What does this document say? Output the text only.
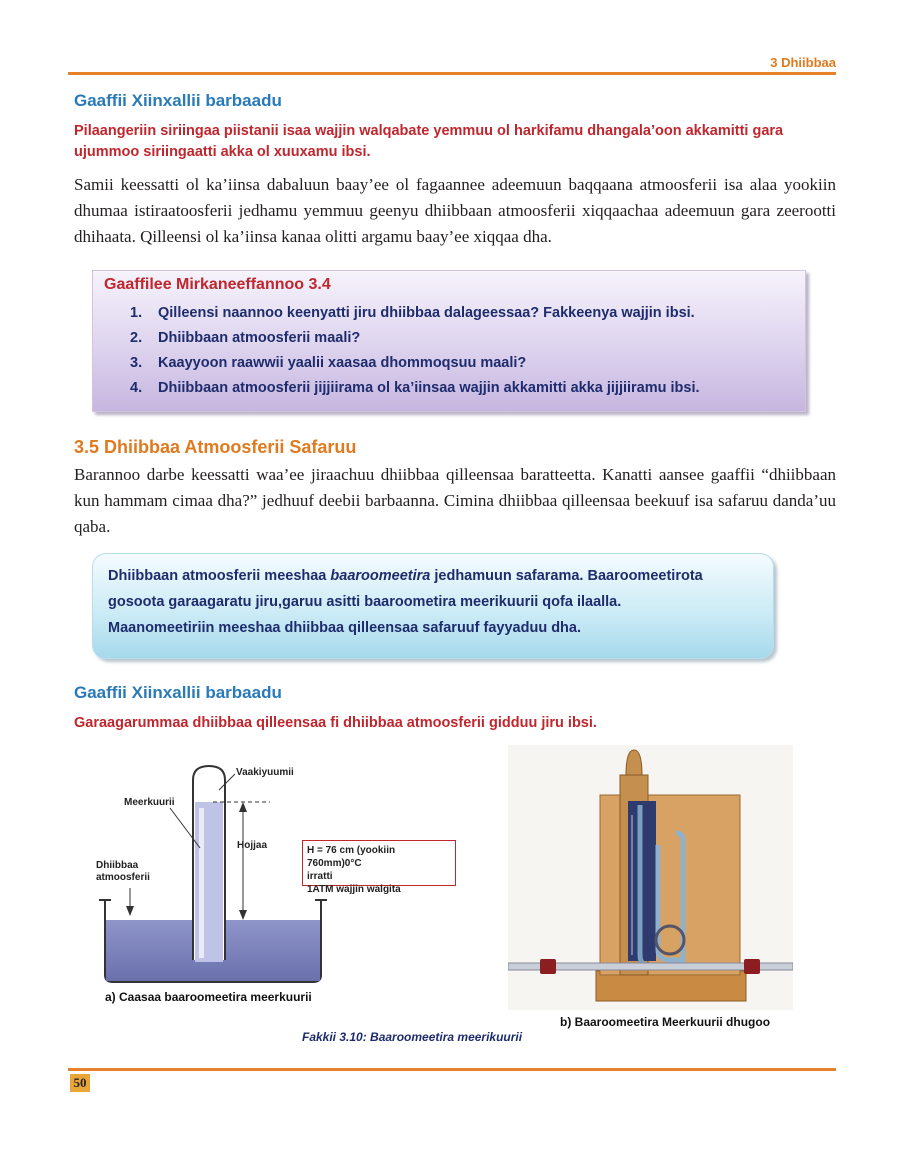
3 Dhiibbaa
Gaaffii Xiinxallii barbaadu
Pilaangeriin siriingaa piistanii isaa wajjin walqabate yemmuu ol harkifamu dhangala’oon akkamitti gara ujummoo siriingaatti akka ol xuuxamu ibsi.
Samii keessatti ol ka’iinsa dabaluun baay’ee ol fagaannee adeemuun baqqaana atmoosferii isa alaa yookiin dhumaa istiraatoosferii jedhamu yemmuu geenyu dhiibbaan atmoosferii xiqqaachaa adeemuun gara zeerootti dhihaata. Qilleensi ol ka’iinsa kanaa olitti argamu baay’ee xiqqaa dha.
Gaaffilee Mirkaneeffannoo 3.4
1. Qilleensi naannoo keenyatti jiru dhiibbaa dalageessaa? Fakkeenya wajjin ibsi.
2. Dhiibbaan atmoosferii maali?
3. Kaayyoon raawwii yaalii xaasaa dhommoqsuu maali?
4. Dhiibbaan atmoosferii jijjiirama ol ka’iinsaa wajjin akkamitti akka jijjiiramu ibsi.
3.5 Dhiibbaa Atmoosferii Safaruu
Barannoo darbe keessatti waa’ee jiraachuu dhiibbaa qilleensaa baratteetta. Kanatti aansee gaaffii “dhiibbaan kun hammam cimaa dha?” jedhuuf deebii barbaanna. Cimina dhiibbaa qilleensaa beekuuf isa safaruu danda’uu qaba.
Dhiibbaan atmoosferii meeshaa baaroomeetira jedhamuun safarama. Baaroomeetirota
gosoota garaagaratu jiru,garuu asitti baaroometira meerikuurii qofa ilaalla.
Maanomeetiriin meeshaa dhiibbaa qilleensaa safaruuf fayyaduu dha.
Gaaffii Xiinxallii barbaadu
Garaagarummaa dhiibbaa qilleensaa fi dhiibbaa atmoosferii gidduu jiru ibsi.
Vaakiyuumii
Meerkuurii
Hojjaa
Dhiibbaa
atmoosferii
H = 76 cm (yookiin 760mm)0°C
irratti
1ATM wajjin walgita
a) Caasaa baaroomeetira meerkuurii
b) Baaroomeetira Meerkuurii dhugoo
Fakkii 3.10: Baaroomeetira meerikuurii
50
